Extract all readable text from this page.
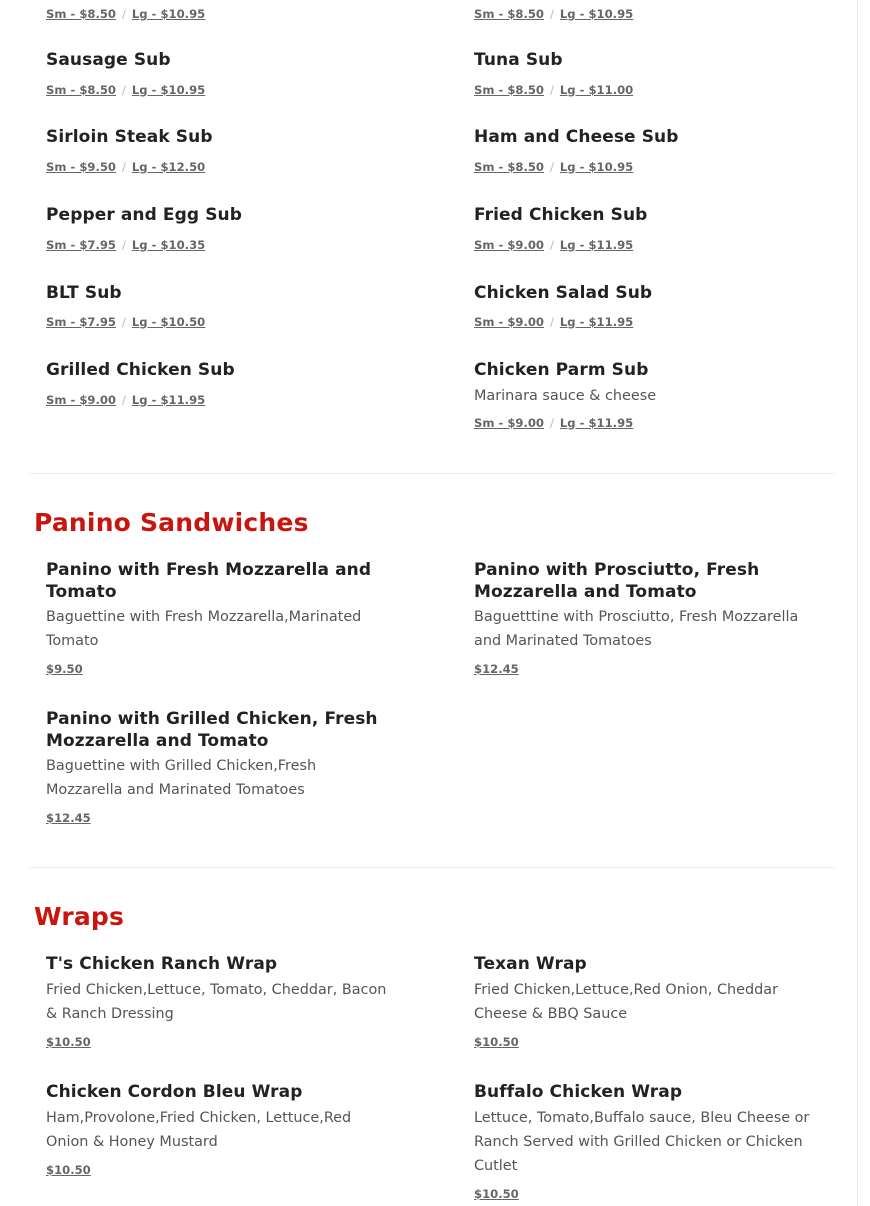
Sm - $8.50 / Lg - $10.95	Sm - $8.50 / Lg - $10.95
Sausage Sub
Sm - $8.50 / Lg - $10.95
Tuna Sub
Sm - $8.50 / Lg - $11.00
Sirloin Steak Sub
Sm - $9.50 / Lg - $12.50
Ham and Cheese Sub
Sm - $8.50 / Lg - $10.95
Pepper and Egg Sub
Sm - $7.95 / Lg - $10.35
Fried Chicken Sub
Sm - $9.00 / Lg - $11.95
BLT Sub
Sm - $7.95 / Lg - $10.50
Chicken Salad Sub
Sm - $9.00 / Lg - $11.95
Grilled Chicken Sub
Sm - $9.00 / Lg - $11.95
Chicken Parm Sub
Marinara sauce & cheese
Sm - $9.00 / Lg - $11.95
Panino Sandwiches
Panino with Fresh Mozzarella and Tomato
Baguettine with Fresh Mozzarella,Marinated Tomato
$9.50
Panino with Prosciutto, Fresh Mozzarella and Tomato
Baguetttine with Prosciutto, Fresh Mozzarella and Marinated Tomatoes
$12.45
Panino with Grilled Chicken, Fresh Mozzarella and Tomato
Baguettine with Grilled Chicken,Fresh Mozzarella and Marinated Tomatoes
$12.45
Wraps
T's Chicken Ranch Wrap
Fried Chicken,Lettuce, Tomato, Cheddar, Bacon & Ranch Dressing
$10.50
Texan Wrap
Fried Chicken,Lettuce,Red Onion, Cheddar Cheese & BBQ Sauce
$10.50
Chicken Cordon Bleu Wrap
Ham,Provolone,Fried Chicken, Lettuce,Red Onion & Honey Mustard
$10.50
Buffalo Chicken Wrap
Lettuce, Tomato,Buffalo sauce, Bleu Cheese or Ranch Served with Grilled Chicken or Chicken Cutlet
$10.50
